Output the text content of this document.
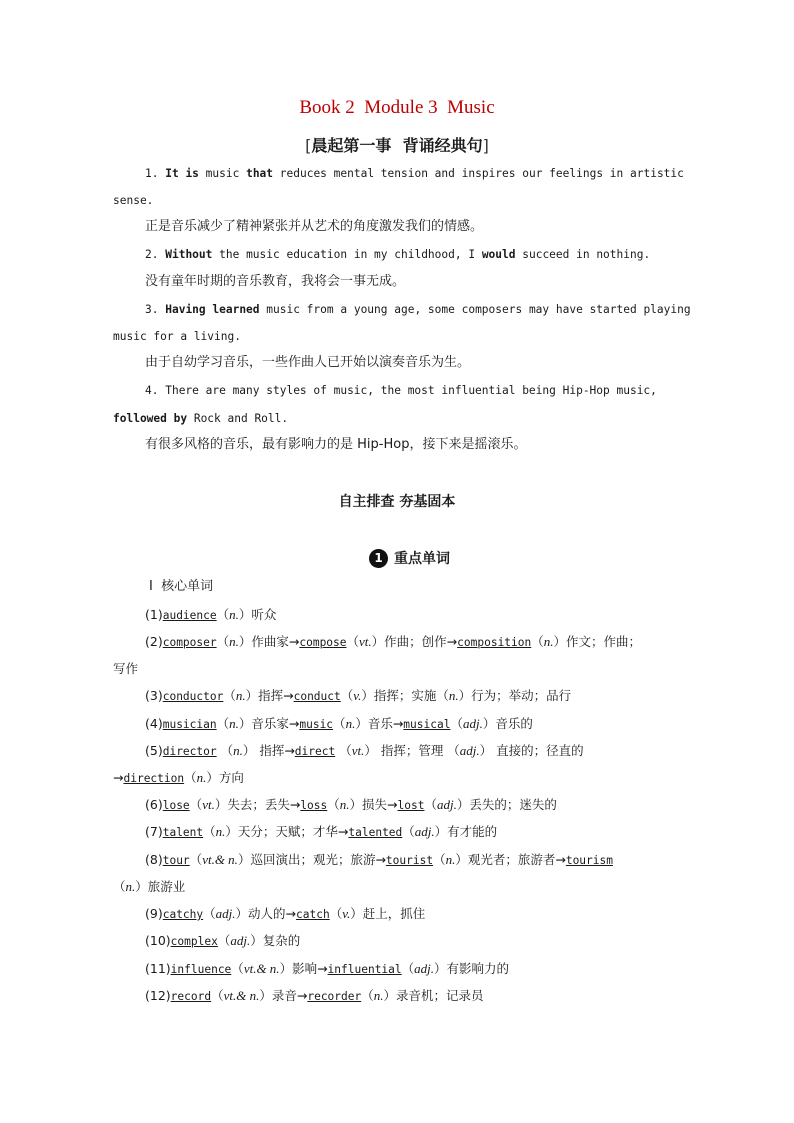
Book 2  Module 3  Music
[晨起第一事  背诵经典句]
1. It is music that reduces mental tension and inspires our feelings in artistic
sense.
正是音乐减少了精神紧张并从艺术的角度激发我们的情感。
2. Without the music education in my childhood, I would succeed in nothing.
没有童年时期的音乐教育，我将会一事无成。
3. Having learned music from a young age, some composers may have started playing
music for a living.
由于自幼学习音乐，一些作曲人已开始以演奏音乐为生。
4. There are many styles of music, the most influential being Hip-Hop music,
followed by Rock and Roll.
有很多风格的音乐，最有影响力的是 Hip-Hop，接下来是摇滚乐。
自主排查 夯基固本
1 重点单词
Ⅰ  核心单词
(1)audience（n.）听众
(2)composer（n.）作曲家→compose（vt.）作曲；创作→composition（n.）作文；作曲；
写作
(3)conductor（n.）指挥→conduct（v.）指挥；实施（n.）行为；举动；品行
(4)musician（n.）音乐家→music（n.）音乐→musical（adj.）音乐的
(5)director （n.） 指挥→direct （vt.） 指挥；管理 （adj.） 直接的；径直的
→direction（n.）方向
(6)lose（vt.）失去；丢失→loss（n.）损失→lost（adj.）丢失的；迷失的
(7)talent（n.）天分；天赋；才华→talented（adj.）有才能的
(8)tour（vt.& n.）巡回演出；观光；旅游→tourist（n.）观光者；旅游者→tourism
（n.）旅游业
(9)catchy（adj.）动人的→catch（v.）赶上，抓住
(10)complex（adj.）复杂的
(11)influence（vt.& n.）影响→influential（adj.）有影响力的
(12)record（vt.& n.）录音→recorder（n.）录音机；记录员
